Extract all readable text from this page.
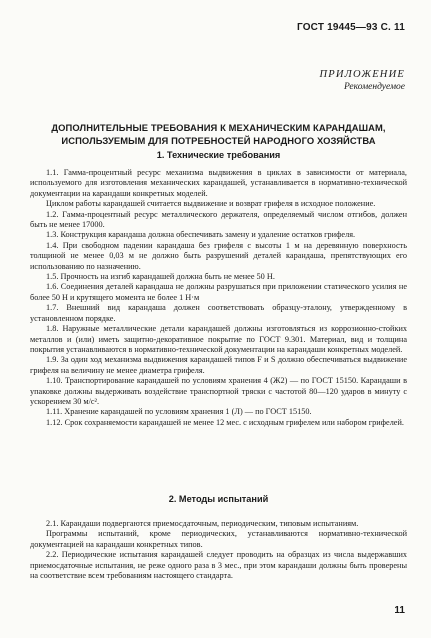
ГОСТ 19445—93 С. 11
ПРИЛОЖЕНИЕ
Рекомендуемое
ДОПОЛНИТЕЛЬНЫЕ ТРЕБОВАНИЯ К МЕХАНИЧЕСКИМ КАРАНДАШАМ,
ИСПОЛЬЗУЕМЫМ ДЛЯ ПОТРЕБНОСТЕЙ НАРОДНОГО ХОЗЯЙСТВА
1. Технические требования

1.1. Гамма-процентный ресурс механизма выдвижения в циклах в зависимости от материала, используемого для изготовления механических карандашей, устанавливается в нормативно-технической документации на карандаши конкретных моделей.

Циклом работы карандашей считается выдвижение и возврат грифеля в исходное положение.

1.2. Гамма-процентный ресурс металлического держателя, определяемый числом отгибов, должен быть не менее 17000.

1.3. Конструкция карандаша должна обеспечивать замену и удаление остатков грифеля.

1.4. При свободном падении карандаша без грифеля с высоты 1 м на деревянную поверхность толщиной не менее 0,03 м не должно быть разрушений деталей карандаша, препятствующих его использованию по назначению.

1.5. Прочность на изгиб карандашей должна быть не менее 50 Н.

1.6. Соединения деталей карандаша не должны разрушаться при приложении статического усилия не более 50 Н и крутящего момента не более 1 Н·м

1.7. Внешний вид карандаша должен соответствовать образцу-эталону, утвержденному в установленном порядке.

1.8. Наружные металлические детали карандашей должны изготовляться из коррозионно-стойких металлов и (или) иметь защитно-декоративное покрытие по ГОСТ 9.301. Материал, вид и толщина покрытия устанавливаются в нормативно-технической документации на карандаши конкретных моделей.

1.9. За один ход механизма выдвижения карандашей типов F и S должно обеспечиваться выдвижение грифеля на величину не менее диаметра грифеля.

1.10. Транспортирование карандашей по условиям хранения 4 (Ж2) — по ГОСТ 15150. Карандаши в упаковке должны выдерживать воздействие транспортной тряски с частотой 80—120 ударов в минуту с ускорением 30 м/с².

1.11. Хранение карандашей по условиям хранения 1 (Л) — по ГОСТ 15150.

1.12. Срок сохраняемости карандашей не менее 12 мес. с исходным грифелем или набором грифелей.

2. Методы испытаний

2.1. Карандаши подвергаются приемосдаточным, периодическим, типовым испытаниям.

Программы испытаний, кроме периодических, устанавливаются нормативно-технической документацией на карандаши конкретных типов.

2.2. Периодические испытания карандашей следует проводить на образцах из числа выдержавших приемосдаточные испытания, не реже одного раза в 3 мес., при этом карандаши должны быть проверены на соответствие всем требованиям настоящего стандарта.

11
